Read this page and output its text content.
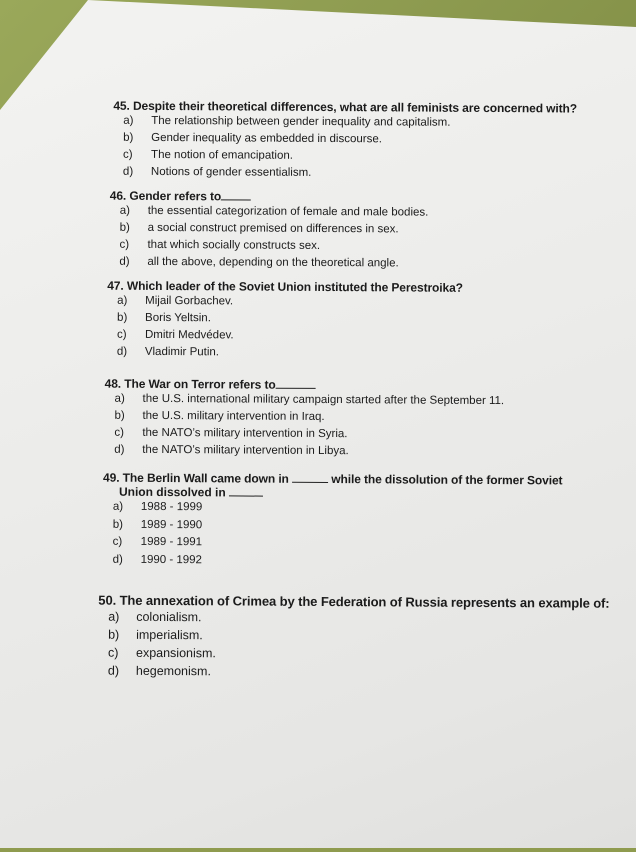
45. Despite their theoretical differences, what are all feminists are concerned with?
a)	The relationship between gender inequality and capitalism.
b)	Gender inequality as embedded in discourse.
c)	The notion of emancipation.
d)	Notions of gender essentialism.
46. Gender refers to
a)	the essential categorization of female and male bodies.
b)	a social construct premised on differences in sex.
c)	that which socially constructs sex.
d)	all the above, depending on the theoretical angle.
47. Which leader of the Soviet Union instituted the Perestroika?
a)	Mijail Gorbachev.
b)	Boris Yeltsin.
c)	Dmitri Medvédev.
d)	Vladimir Putin.
48. The War on Terror refers to
a)	the U.S. international military campaign started after the September 11.
b)	the U.S. military intervention in Iraq.
c)	the NATO’s military intervention in Syria.
d)	the NATO’s military intervention in Libya.
49. The Berlin Wall came down in	while the dissolution of the former Soviet
Union dissolved in
a)	1988 - 1999
b)	1989 - 1990
c)	1989 - 1991
d)	1990 - 1992
50. The annexation of Crimea by the Federation of Russia represents an example of:
a)	colonialism.
b)	imperialism.
c)	expansionism.
d)	hegemonism.
